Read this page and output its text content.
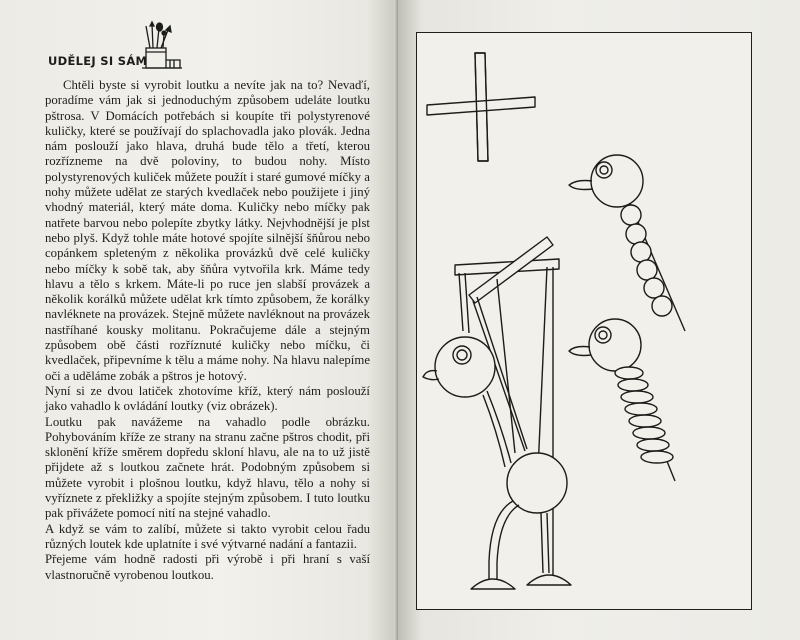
UDĚLEJ SI SÁM

Chtěli byste si vyrobit loutku a nevíte jak na to? Nevaďí, poradíme vám jak si jednoduchým způsobem udeláte loutku pštrosa. V Domácích potřebách si koupíte tři polystyrenové kuličky, které se používají do splachovadla jako plovák. Jedna nám poslouží jako hlava, druhá bude tělo a třetí, kterou rozřízneme na dvě poloviny, to budou nohy. Místo polystyrenových kuliček můžete použít i staré gumové míčky a nohy můžete udělat ze starých kvedlaček nebo použijete i jiný vhodný materiál, který máte doma. Kuličky nebo míčky pak natřete barvou nebo polepíte zbytky látky. Nejvhodnější je plst nebo plyš. Když tohle máte hotové spojíte silnější šňůrou nebo copánkem spleteným z několika provázků dvě celé kuličky nebo míčky k sobě tak, aby šňůra vytvořila krk. Máme tedy hlavu a tělo s krkem. Máte-li po ruce jen slabší provázek a několik korálků můžete udělat krk tímto způsobem, že korálky navléknete na provázek. Stejně můžete navléknout na provázek nastříhané kousky molitanu. Pokračujeme dále a stejným způsobem obě části rozříznuté kuličky nebo míčku, či kvedlaček, připevníme k tělu a máme nohy. Na hlavu nalepíme oči a uděláme zobák a pštros je hotový.

Nyní si ze dvou latiček zhotovíme kříž, který nám poslouží jako vahadlo k ovládání loutky (viz obrázek).

Loutku pak navážeme na vahadlo podle obrázku. Pohybováním kříže ze strany na stranu začne pštros chodit, při sklonění kříže směrem dopředu skloní hlavu, ale na to už jistě přijdete až s loutkou začnete hrát. Podobným způsobem si můžete vyrobit i plošnou loutku, když hlavu, tělo a nohy si vyříznete z překližky a spojíte stejným způsobem. I tuto loutku pak přivážete pomocí nití na stejné vahadlo.

A když se vám to zalíbí, můžete si takto vyrobit celou řadu různých loutek kde uplatníte i své výtvarné nadání a fantazii.

Přejeme vám hodně radosti při výrobě i při hraní s vaší vlastnoručně vyrobenou loutkou.
